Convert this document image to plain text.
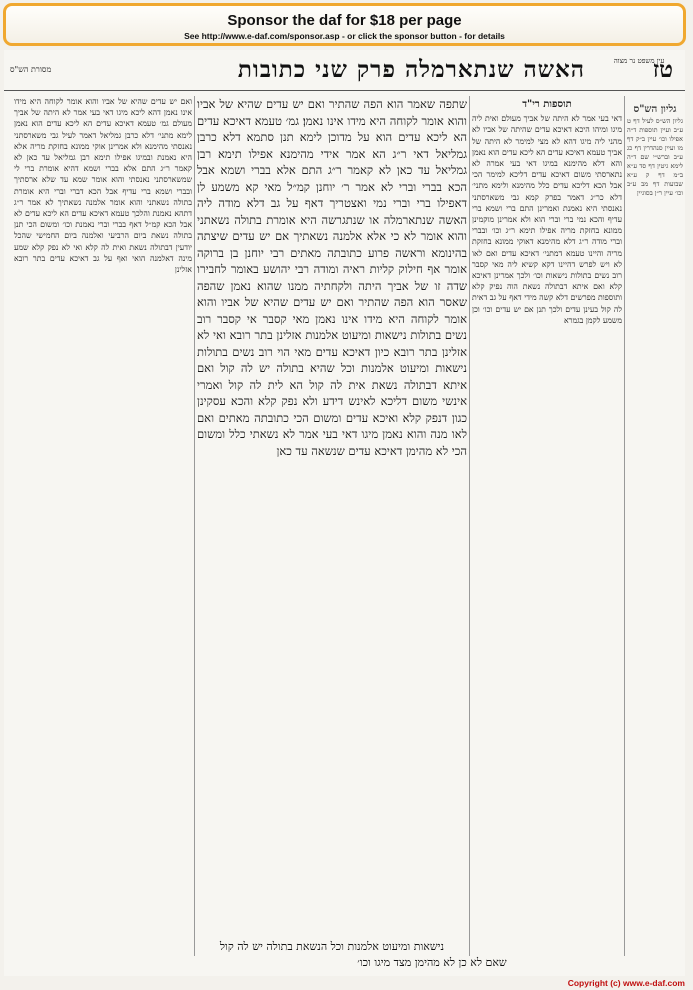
Sponsor the daf for $18 per page
See http://www.e-daf.com/sponsor.asp - or click the sponsor button - for details
עין משפט נר מצוה
טז
האשה שנתארמלה פרק שני כתובות
מסורת הש"ס
גליון הש"ס
גליון הש״ס לעיל דף ט ע״ב ועיין תוספות ד״ה אפילו וכו׳ עיין ב״ק דף מו ועיין סנהדרין דף כג ע״ב וברש״י שם ד״ה לימא גיטין דף סד ע״א ב״מ דף ק ע״א שבועות דף מב ע״ב וכו׳ עיין ר״ן בסוגיין
תוספות רי"ד
דאי בעי אמר לא היתה של אביך מעולם ואית ליה מיגו ומיהו היכא דאיכא עדים שהיתה של אביו לא מהני ליה מיגו דהא לא מצי למימר לא היתה של אביך טעמא דאיכא עדים הא ליכא עדים הוא נאמן והא דלא מהימנא במיגו דאי בעי אמרה לא נתארסתי משום דאיכא עדים דליכא למימר הכי אבל הכא דליכא עדים כלל מהימנא ולימא מתני׳ דלא כר״ג דאמר בפרק קמא גבי משארסתני נאנסתי היא נאמנת ואמרינן התם ברי ושמא ברי עדיף והכא נמי ברי וברי הוא ולא אמרינן מוקמינן ממונא בחזקת מריה אפילו תימא ר״ג וכו׳ ובברי וברי מודה ר״ג דלא מהימנא דאוקי ממונא בחזקת מריה והיינו טעמא דמתני׳ דאיכא עדים ואם לאו לא ויש לפרש דהיינו דקא קשיא ליה מאי קסבר רוב נשים בתולות נישאות וכו׳ ולכך אמרינן דאיכא קלא ואם איתא דבתולה נשאת הוה נפיק קלא ותוספות מפרשים דלא קשה מידי דאף על גב דאית לה קול בעינן עדים ולכך תנן אם יש עדים וכו׳ וכן משמע לקמן בגמרא
שתפה שאמר הוא הפה שהתיר ואם יש עדים שהיא של אביו והוא אומר לקוחה היא מידו אינו נאמן׃ גמ׳ טעמא דאיכא עדים הא ליכא עדים הוא על מדוכן לימא תנן סתמא דלא כרבן גמליאל דאי ר״ג הא אמר אידי מהימנא אפילו תימא רבן גמליאל עד כאן לא קאמר ר״ג התם אלא בברי ושמא אבל הכא בברי וברי לא אמר ר׳ יוחנן קמ״ל מאי קא משמע לן דאפילו ברי וברי נמי ואצטריך דאף על גב דלא מודה ליה האשה שנתארמלה או שנתגרשה היא אומרת בתולה נשאתני והוא אומר לא כי אלא אלמנה נשאתיך אם יש עדים שיצתה בהינומא וראשה פרוע כתובתה מאתים רבי יוחנן בן ברוקה אומר אף חילוק קליות ראיה ומודה רבי יהושע באומר לחבירו שדה זו של אביך היתה ולקחתיה ממנו שהוא נאמן שהפה שאסר הוא הפה שהתיר ואם יש עדים שהיא של אביו והוא אומר לקוחה היא מידו אינו נאמן מאי קסבר אי קסבר רוב נשים בתולות נישאות ומיעוט אלמנות אזלינן בתר רובא ואי לא אזלינן בתר רובא כיון דאיכא עדים מאי הוי רוב נשים בתולות נישאות ומיעוט אלמנות וכל שהיא בתולה יש לה קול ואם איתא דבתולה נשאת אית לה קול הא לית לה קול ואמרי אינשי משום דליכא לאינש דידע ולא נפק קלא והכא עסקינן כגון דנפק קלא ואיכא עדים ומשום הכי כתובתה מאתים ואם לאו מנה והוא נאמן מיגו דאי בעי אמר לא נשאתי כלל ומשום הכי לא מהימן דאיכא עדים שנשאה עד כאן
ואם יש עדים שהיא של אביו והוא אומר לקוחה היא מידו אינו נאמן דהא ליכא מיגו דאי בעי אמר לא היתה של אביך מעולם גמ׳ טעמא דאיכא עדים הא ליכא עדים הוא נאמן לימא מתני׳ דלא כרבן גמליאל דאמר לעיל גבי משארסתני נאנסתי מהימנא ולא אמרינן אוקי ממונא בחזקת מריה אלא היא נאמנת ובמיגו אפילו תימא רבן גמליאל עד כאן לא קאמר ר״ג התם אלא בברי ושמא דהיא אומרת ברי לי שמשארסתני נאנסתי והוא אומר שמא עד שלא ארסתיך ובברי ושמא ברי עדיף אבל הכא דברי וברי היא אומרת בתולה נשאתני והוא אומר אלמנה נשאתיך לא אמר ר״ג דתהא נאמנת והלכך טעמא דאיכא עדים הא ליכא עדים לא אבל הכא קמ״ל דאף בברי וברי נאמנת וכו׳ ומשום הכי תנן בתולה נשאת ביום הרביעי ואלמנה ביום החמישי שהכל יודעין דבתולה נשאת ואית לה קלא ואי לא נפק קלא שמע מינה דאלמנה הואי ואף על גב דאיכא עדים בתר רובא אזלינן
נישאות ומיעוט אלמנות וכל הנשאת בתולה יש לה קול
שאם לא כן לא מהימן מצד מיגו וכו׳
Copyright (c) www.e-daf.com
